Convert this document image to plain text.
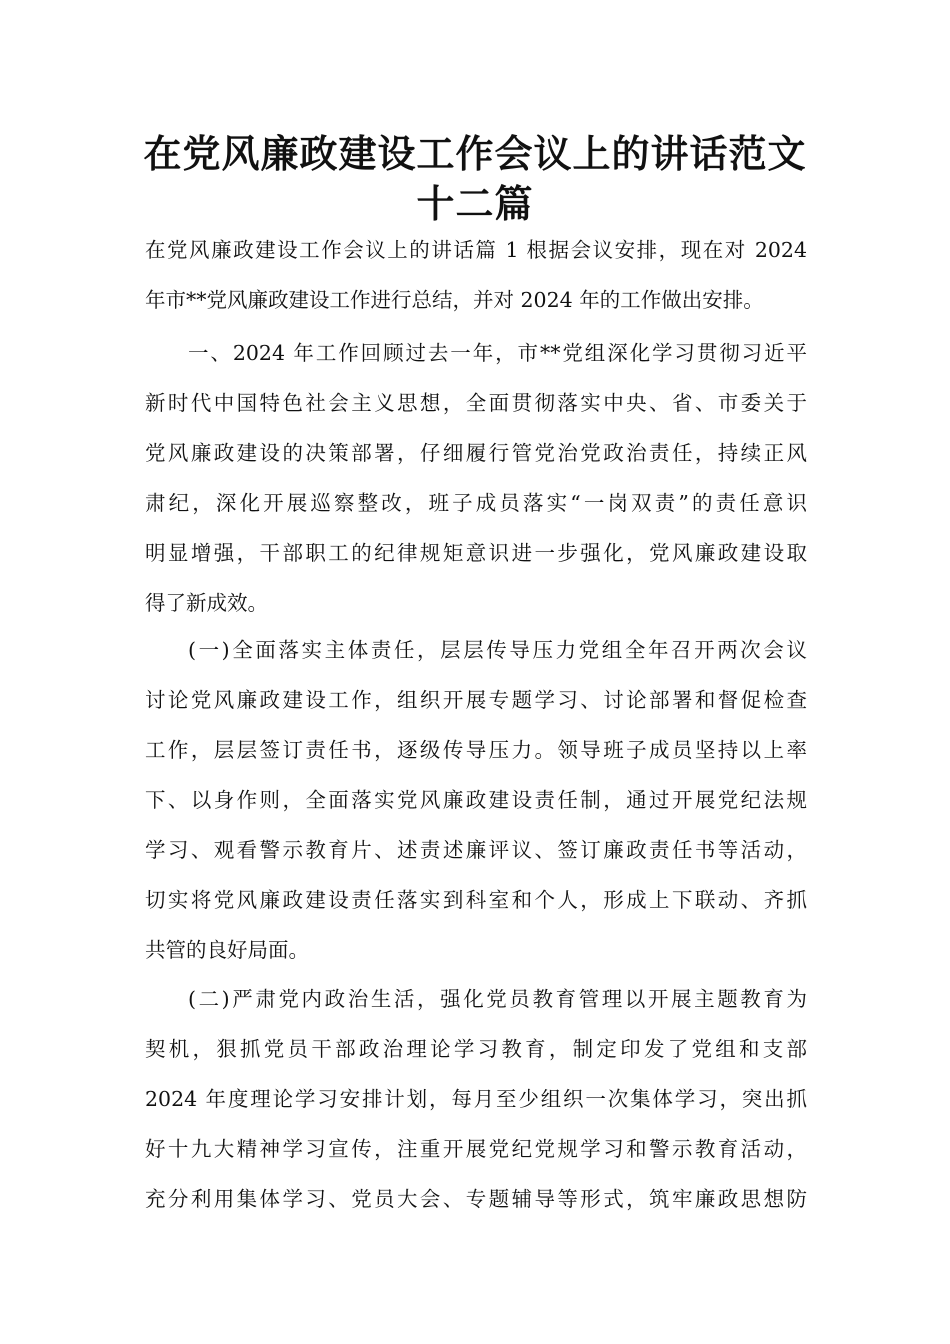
在党风廉政建设工作会议上的讲话范文
十二篇
在党风廉政建设工作会议上的讲话篇 1 根据会议安排，现在对 2024
年市**党风廉政建设工作进行总结，并对 2024 年的工作做出安排。
一、2024 年工作回顾过去一年，市**党组深化学习贯彻习近平
新时代中国特色社会主义思想，全面贯彻落实中央、省、市委关于
党风廉政建设的决策部署，仔细履行管党治党政治责任，持续正风
肃纪，深化开展巡察整改，班子成员落实“一岗双责”的责任意识
明显增强，干部职工的纪律规矩意识进一步强化，党风廉政建设取
得了新成效。
(一)全面落实主体责任，层层传导压力党组全年召开两次会议
讨论党风廉政建设工作，组织开展专题学习、讨论部署和督促检查
工作，层层签订责任书，逐级传导压力。领导班子成员坚持以上率
下、以身作则，全面落实党风廉政建设责任制，通过开展党纪法规
学习、观看警示教育片、述责述廉评议、签订廉政责任书等活动，
切实将党风廉政建设责任落实到科室和个人，形成上下联动、齐抓
共管的良好局面。
(二)严肃党内政治生活，强化党员教育管理以开展主题教育为
契机，狠抓党员干部政治理论学习教育，制定印发了党组和支部
2024 年度理论学习安排计划，每月至少组织一次集体学习，突出抓
好十九大精神学习宣传，注重开展党纪党规学习和警示教育活动，
充分利用集体学习、党员大会、专题辅导等形式，筑牢廉政思想防
